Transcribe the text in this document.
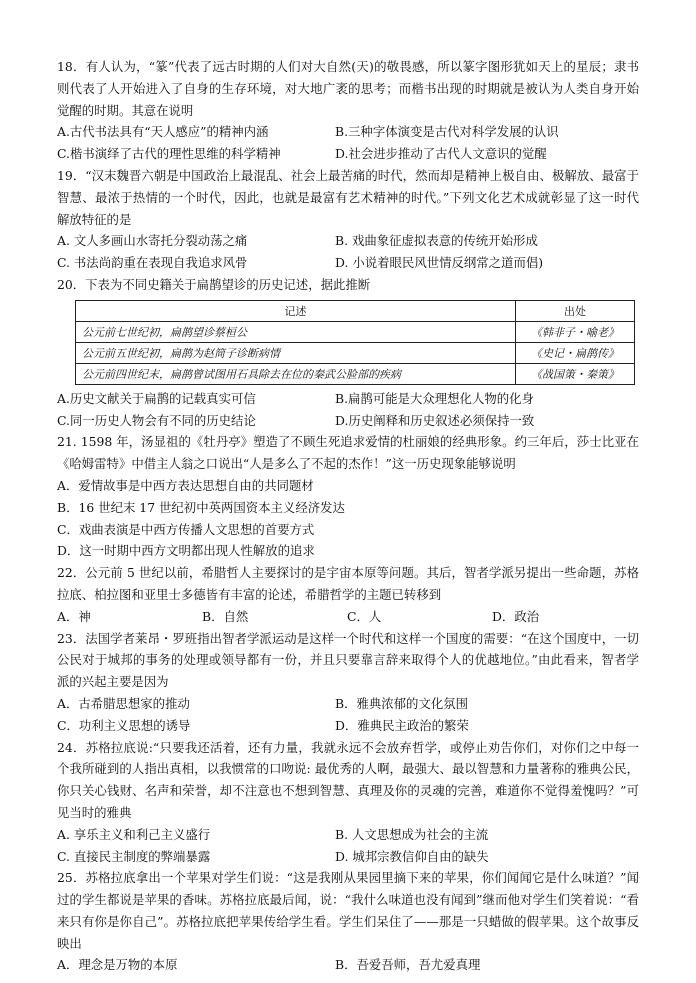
18．有人认为，“篆”代表了远古时期的人们对大自然(天)的敬畏感，所以篆字图形犹如天上的星辰；隶书则代表了人开始进入了自身的生存环境，对大地广袤的思考；而楷书出现的时期就是被认为人类自身开始觉醒的时期。其意在说明

A.古代书法具有“天人感应”的精神内涵	B.三种字体演变是古代对科学发展的认识
C.楷书演绎了古代的理性思维的科学精神	D.社会进步推动了古代人文意识的觉醒

19．“汉末魏晋六朝是中国政治上最混乱、社会上最苦痛的时代，然而却是精神上极自由、极解放、最富于智慧、最浓于热情的一个时代，因此，也就是最富有艺术精神的时代。”下列文化艺术成就彰显了这一时代解放特征的是

A. 文人多画山水寄托分裂动荡之痛	B. 戏曲象征虚拟表意的传统开始形成
C. 书法尚韵重在表现自我追求风骨	D. 小说着眼民风世情反纲常之道而倡)

20．下表为不同史籍关于扁鹊望诊的历史记述，据此推断

记述	出处
公元前七世纪初，扁鹊望诊蔡桓公	《韩非子・喻老》
公元前五世纪初，扁鹊为赵简子诊断病情	《史记・扁鹊传》
公元前四世纪末，扁鹊曾试图用石具除去在位的秦武公脸部的疾病	《战国策・秦策》
A.历史文献关于扁鹊的记载真实可信	B.扁鹊可能是大众理想化人物的化身
C.同一历史人物会有不同的历史结论	D.历史阐释和历史叙述必须保持一致

21. 1598 年，汤显祖的《牡丹亭》塑造了不顾生死追求爱情的杜丽娘的经典形象。约三年后，莎士比亚在《哈姆雷特》中借主人翁之口说出“人是多么了不起的杰作！”这一历史现象能够说明

A．爱情故事是中西方表达思想自由的共同题材
B．16 世纪末 17 世纪初中英两国资本主义经济发达
C．戏曲表演是中西方传播人文思想的首要方式
D．这一时期中西方文明都出现人性解放的追求

22．公元前 5 世纪以前，希腊哲人主要探讨的是宇宙本原等问题。其后，智者学派另提出一些命题，苏格拉底、柏拉图和亚里士多德皆有丰富的论述，希腊哲学的主题已转移到

A．神	B．自然	C．人	D．政治

23．法国学者莱昂・罗班指出智者学派运动是这样一个时代和这样一个国度的需要：“在这个国度中，一切公民对于城邦的事务的处理或领导都有一份，并且只要靠言辞来取得个人的优越地位。”由此看来，智者学派的兴起主要是因为

A．古希腊思想家的推动	B．雅典浓郁的文化氛围
C．功利主义思想的诱导	D．雅典民主政治的繁荣

24．苏格拉底说:“只要我还活着，还有力量，我就永远不会放弃哲学，或停止劝告你们，对你们之中每一个我所碰到的人指出真相，以我惯常的口吻说: 最优秀的人啊，最强大、最以智慧和力量著称的雅典公民，你只关心钱财、名声和荣誉，却不注意也不想到智慧、真理及你的灵魂的完善，难道你不觉得羞愧吗？”可见当时的雅典

A. 享乐主义和利己主义盛行	B. 人文思想成为社会的主流
C. 直接民主制度的弊端暴露	D. 城邦宗教信仰自由的缺失

25．苏格拉底拿出一个苹果对学生们说：“这是我刚从果园里摘下来的苹果，你们闻闻它是什么味道？”闻过的学生都说是苹果的香味。苏格拉底最后闻，说：“我什么味道也没有闻到”继而他对学生们笑着说：“看来只有你是你自己”。苏格拉底把苹果传给学生看。学生们呆住了——那是一只蜡做的假苹果。这个故事反映出

A．理念是万物的本原	B．吾爱吾师，吾尤爱真理
